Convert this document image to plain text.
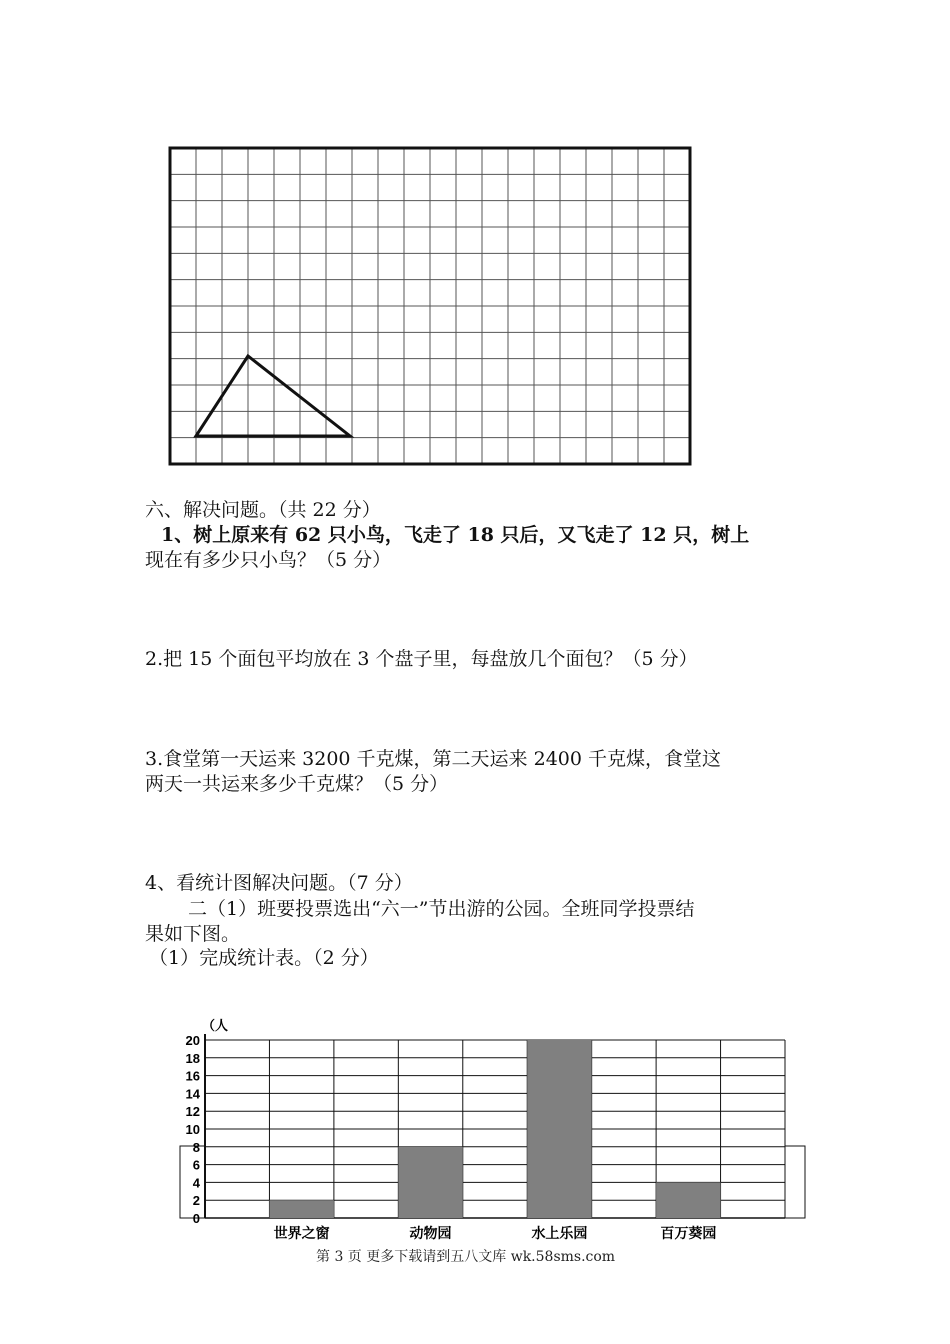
六、解决问题。（共 22 分）
1、树上原来有 62 只小鸟，飞走了 18 只后，又飞走了 12 只，树上
现在有多少只小鸟？（5 分）
2.把 15 个面包平均放在 3 个盘子里，每盘放几个面包？（5 分）
3.食堂第一天运来 3200 千克煤，第二天运来 2400 千克煤，食堂这
两天一共运来多少千克煤？（5 分）
4、看统计图解决问题。（7 分）
二（1）班要投票选出“六一”节出游的公园。全班同学投票结
果如下图。
（1）完成统计表。（2 分）
（人
0
2
4
6
8
10
12
14
16
18
20
世界之窗	动物园	水上乐园	百万葵园
第 3 页 更多下载请到五八文库 wk.58sms.com
